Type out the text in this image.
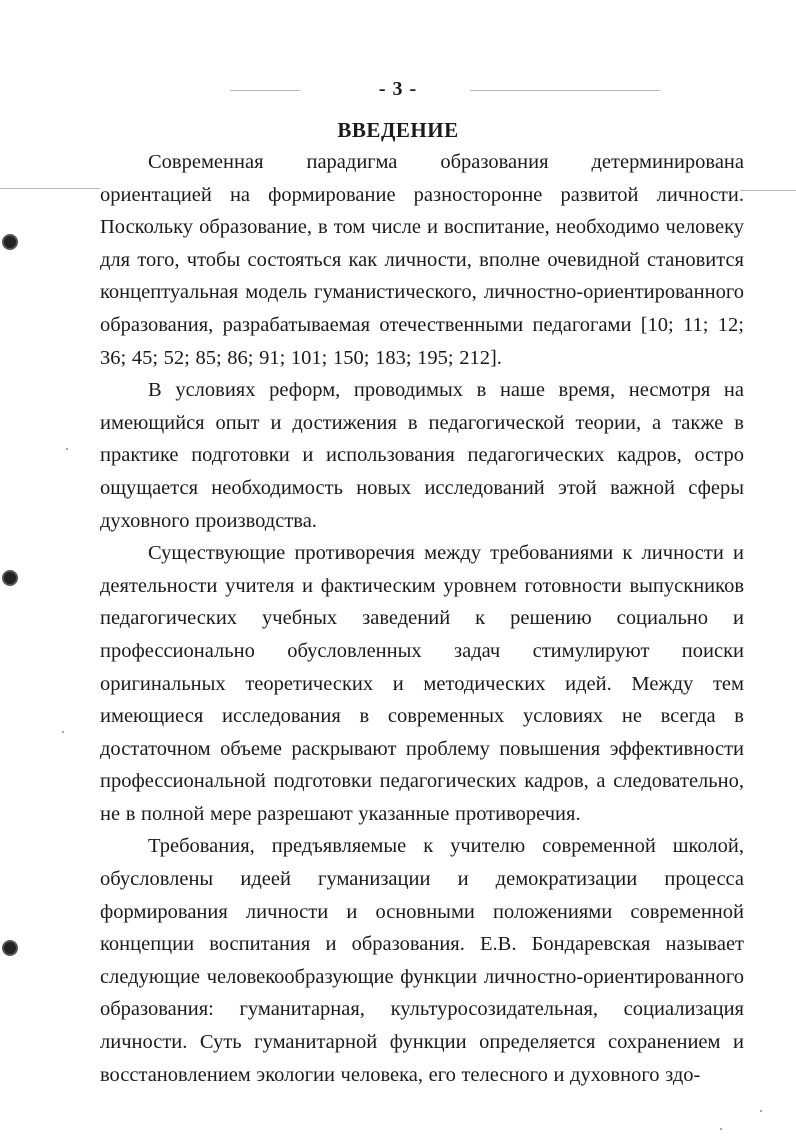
- 3 -
ВВЕДЕНИЕ

Современная парадигма образования детерминирована ориентацией на формирование разносторонне развитой личности. Поскольку образование, в том числе и воспитание, необходимо человеку для того, чтобы состояться как личности, вполне очевидной становится концептуальная модель гуманистического, личностно-ориентированного образования, разрабатываемая отечественными педагогами [10; 11; 12; 36; 45; 52; 85; 86; 91; 101; 150; 183; 195; 212].

В условиях реформ, проводимых в наше время, несмотря на имеющийся опыт и достижения в педагогической теории, а также в практике подготовки и использования педагогических кадров, остро ощущается необходимость новых исследований этой важной сферы духовного производства.

Существующие противоречия между требованиями к личности и деятельности учителя и фактическим уровнем готовности выпускников педагогических учебных заведений к решению социально и профессионально обусловленных задач стимулируют поиски оригинальных теоретических и методических идей. Между тем имеющиеся исследования в современных условиях не всегда в достаточном объеме раскрывают проблему повышения эффективности профессиональной подготовки педагогических кадров, а следовательно, не в полной мере разрешают указанные противоречия.

Требования, предъявляемые к учителю современной школой, обусловлены идеей гуманизации и демократизации процесса формирования личности и основными положениями современной концепции воспитания и образования. Е.В. Бондаревская называет следующие человекообразующие функции личностно-ориентированного образования: гуманитарная, культуросозидательная, социализация личности. Суть гуманитарной функции определяется сохранением и восстановлением экологии человека, его телесного и духовного здо-
